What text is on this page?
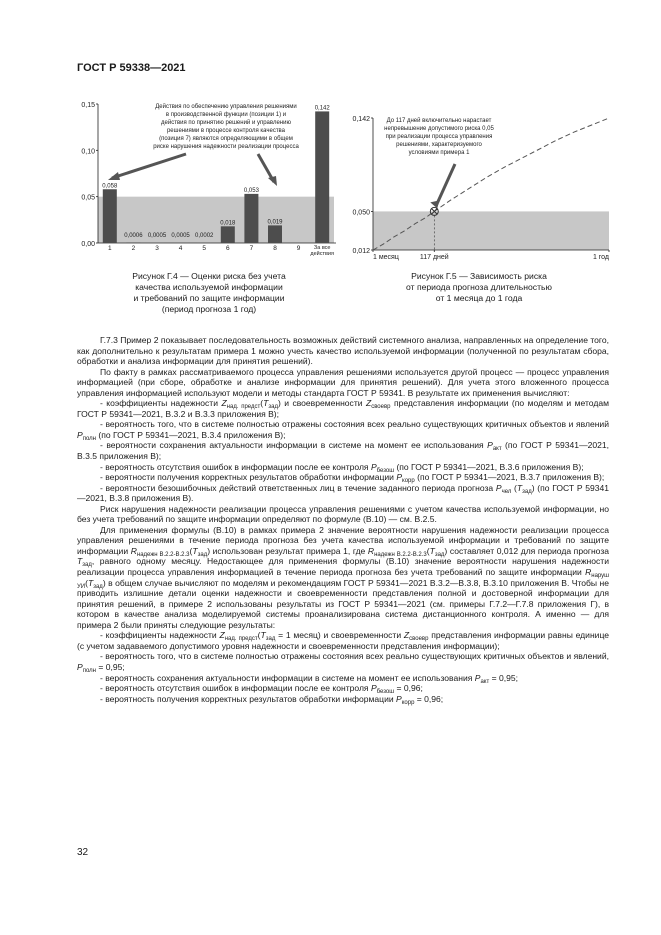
ГОСТ Р 59338—2021
0,15
0,10
0,05
0,00
0,058
1
0,0006
2
0,0005
3
0,0005
4
0,0002
5
0,018
6
0,053
7
0,019
8	9
0,142
За все
действия
Действия по обеспечению управления решениями
в производственной функции (позиции 1) и
действия по принятию решений и управлению
решениями в процессе контроля качества
(позиция 7) являются определяющими в общем
риске нарушения надежности реализации процесса
Рисунок Г.4 — Оценки риска без учета
качества используемой информации
и требований по защите информации
(период прогноза 1 год)
0,142
0,050
0,012
1 месяц	117 дней	1 год
До 117 дней включительно нарастает
непревышение допустимого риска 0,05
при реализации процесса управления
решениями, характеризуемого
условиями примера 1
Рисунок Г.5 — Зависимость риска
от периода прогноза длительностью
от 1 месяца до 1 года

Г.7.3 Пример 2 показывает последовательность возможных действий системного анализа, направленных на определение того, как дополнительно к результатам примера 1 можно учесть качество используемой информации (полученной по результатам сбора, обработки и анализа информации для принятия решений).

По факту в рамках рассматриваемого процесса управления решениями используется другой процесс — процесс управления информацией (при сборе, обработке и анализе информации для принятия решений). Для учета этого вложенного процесса управления информацией используют модели и методы стандарта ГОСТ Р 59341. В результате их применения вычисляют:

- коэффициенты надежности $Z_{над. предст}(T_{зад})$ и своевременности $Z_{своевр}$ представления информации (по моделям и методам ГОСТ Р 59341—2021, В.3.2 и В.3.3 приложения В);

- вероятность того, что в системе полностью отражены состояния всех реально существующих критичных объектов и явлений $P_{полн}$ (по ГОСТ Р 59341—2021, В.3.4 приложения В);

- вероятности сохранения актуальности информации в системе на момент ее использования $P_{акт}$ (по ГОСТ Р 59341—2021, В.3.5 приложения В);

- вероятность отсутствия ошибок в информации после ее контроля $P_{безош}$ (по ГОСТ Р 59341—2021, В.3.6 приложения В);

- вероятности получения корректных результатов обработки информации $P_{корр}$ (по ГОСТ Р 59341—2021, В.3.7 приложения В);

- вероятности безошибочных действий ответственных лиц в течение заданного периода прогноза $P_{чел}$ $(T_{зад})$ (по ГОСТ Р 59341—2021, В.3.8 приложения В).

Риск нарушения надежности реализации процесса управления решениями с учетом качества используемой информации, но без учета требований по защите информации определяют по формуле (В.10) — см. В.2.5.

Для применения формулы (В.10) в рамках примера 2 значение вероятности нарушения надежности реализации процесса управления решениями в течение периода прогноза без учета качества используемой информации и требований по защите информации $R_{надежн В.2.2-В.2.3}(T_{зад})$ использован результат примера 1, где $R_{надежн В.2.2-В.2.3}(T_{зад})$ составляет 0,012 для периода прогноза $T_{зад}$, равного одному месяцу. Недостающее для применения формулы (В.10) значение вероятности нарушения надежности реализации процесса управления информацией в течение периода прогноза без учета требований по защите информации $R_{наруш УИ}(T_{зад})$ в общем случае вычисляют по моделям и рекомендациям ГОСТ Р 59341—2021 В.3.2—В.3.8, В.3.10 приложения В. Чтобы не приводить излишние детали оценки надежности и своевременности представления полной и достоверной информации для принятия решений, в примере 2 использованы результаты из ГОСТ Р 59341—2021 (см. примеры Г.7.2—Г.7.8 приложения Г), в котором в качестве анализа моделируемой системы проанализирована система дистанционного контроля. А именно — для примера 2 были приняты следующие результаты:

- коэффициенты надежности $Z_{над. предст}(T_{зад} = 1$ месяц) и своевременности $Z_{своевр}$ представления информации равны единице (с учетом задаваемого допустимого уровня надежности и своевременности представления информации);

- вероятность того, что в системе полностью отражены состояния всех реально существующих критичных объектов и явлений, $P_{полн} = 0,95$;

- вероятность сохранения актуальности информации в системе на момент ее использования $P_{акт} = 0,95$;

- вероятность отсутствия ошибок в информации после ее контроля $P_{безош} = 0,96$;

- вероятность получения корректных результатов обработки информации $P_{корр} = 0,96$;

32
